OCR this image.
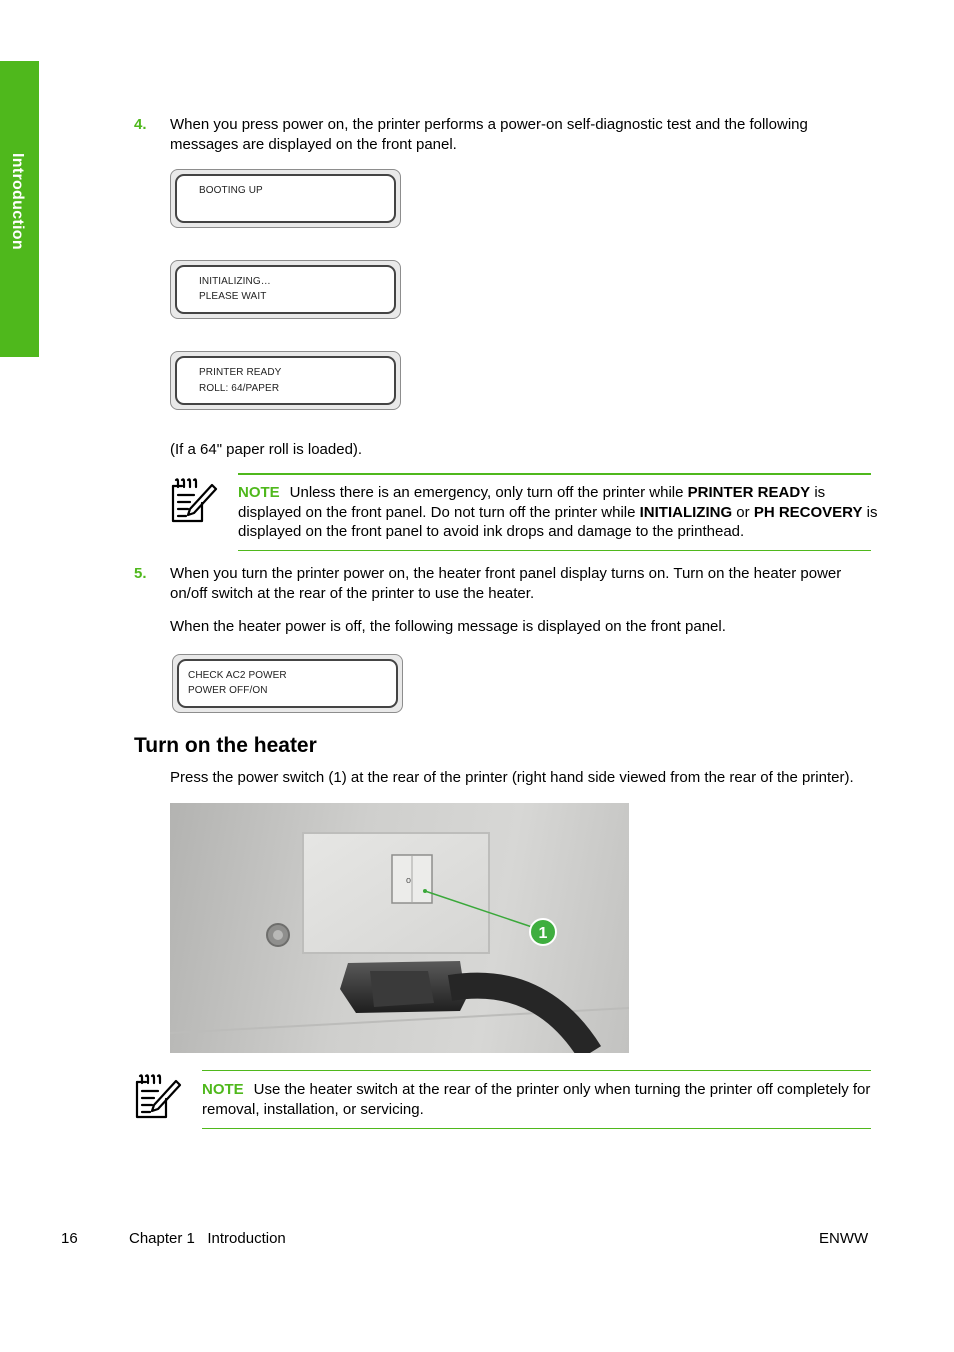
Introduction
4. When you press power on, the printer performs a power-on self-diagnostic test and the following messages are displayed on the front panel.
BOOTING UP
INITIALIZING…
PLEASE WAIT
PRINTER READY
ROLL: 64/PAPER
(If a 64" paper roll is loaded).
NOTE Unless there is an emergency, only turn off the printer while PRINTER READY is displayed on the front panel. Do not turn off the printer while INITIALIZING or PH RECOVERY is displayed on the front panel to avoid ink drops and damage to the printhead.
5. When you turn the printer power on, the heater front panel display turns on. Turn on the heater power on/off switch at the rear of the printer to use the heater.
When the heater power is off, the following message is displayed on the front panel.
CHECK AC2 POWER
POWER OFF/ON
Turn on the heater
Press the power switch (1) at the rear of the printer (right hand side viewed from the rear of the printer).
o
1
NOTE Use the heater switch at the rear of the printer only when turning the printer off completely for removal, installation, or servicing.
16	Chapter 1   Introduction	ENWW
